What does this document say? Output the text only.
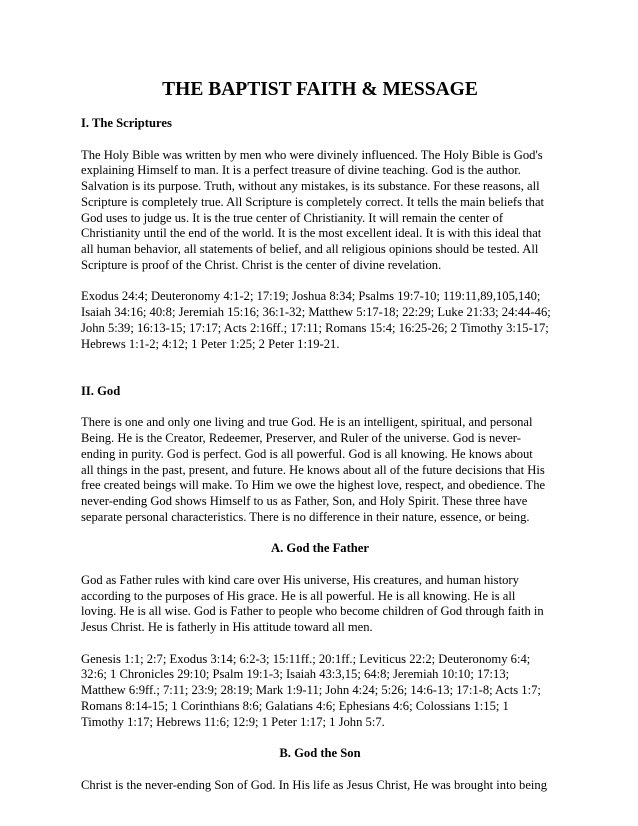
THE BAPTIST FAITH & MESSAGE
I. The Scriptures

The Holy Bible was written by men who were divinely influenced. The Holy Bible is God's
explaining Himself to man. It is a perfect treasure of divine teaching. God is the author.
Salvation is its purpose. Truth, without any mistakes, is its substance. For these reasons, all
Scripture is completely true. All Scripture is completely correct. It tells the main beliefs that
God uses to judge us. It is the true center of Christianity. It will remain the center of
Christianity until the end of the world. It is the most excellent ideal. It is with this ideal that
all human behavior, all statements of belief, and all religious opinions should be tested. All
Scripture is proof of the Christ. Christ is the center of divine revelation.

Exodus 24:4; Deuteronomy 4:1-2; 17:19; Joshua 8:34; Psalms 19:7-10; 119:11,89,105,140;
Isaiah 34:16; 40:8; Jeremiah 15:16; 36:1-32; Matthew 5:17-18; 22:29; Luke 21:33; 24:44-46;
John 5:39; 16:13-15; 17:17; Acts 2:16ff.; 17:11; Romans 15:4; 16:25-26; 2 Timothy 3:15-17;
Hebrews 1:1-2; 4:12; 1 Peter 1:25; 2 Peter 1:19-21.

II. God

There is one and only one living and true God. He is an intelligent, spiritual, and personal
Being. He is the Creator, Redeemer, Preserver, and Ruler of the universe. God is never-
ending in purity. God is perfect. God is all powerful. God is all knowing. He knows about
all things in the past, present, and future. He knows about all of the future decisions that His
free created beings will make. To Him we owe the highest love, respect, and obedience. The
never-ending God shows Himself to us as Father, Son, and Holy Spirit. These three have
separate personal characteristics. There is no difference in their nature, essence, or being.

A. God the Father

God as Father rules with kind care over His universe, His creatures, and human history
according to the purposes of His grace. He is all powerful. He is all knowing. He is all
loving. He is all wise. God is Father to people who become children of God through faith in
Jesus Christ. He is fatherly in His attitude toward all men.

Genesis 1:1; 2:7; Exodus 3:14; 6:2-3; 15:11ff.; 20:1ff.; Leviticus 22:2; Deuteronomy 6:4;
32:6; 1 Chronicles 29:10; Psalm 19:1-3; Isaiah 43:3,15; 64:8; Jeremiah 10:10; 17:13;
Matthew 6:9ff.; 7:11; 23:9; 28:19; Mark 1:9-11; John 4:24; 5:26; 14:6-13; 17:1-8; Acts 1:7;
Romans 8:14-15; 1 Corinthians 8:6; Galatians 4:6; Ephesians 4:6; Colossians 1:15; 1
Timothy 1:17; Hebrews 11:6; 12:9; 1 Peter 1:17; 1 John 5:7.

B. God the Son

Christ is the never-ending Son of God. In His life as Jesus Christ, He was brought into being
